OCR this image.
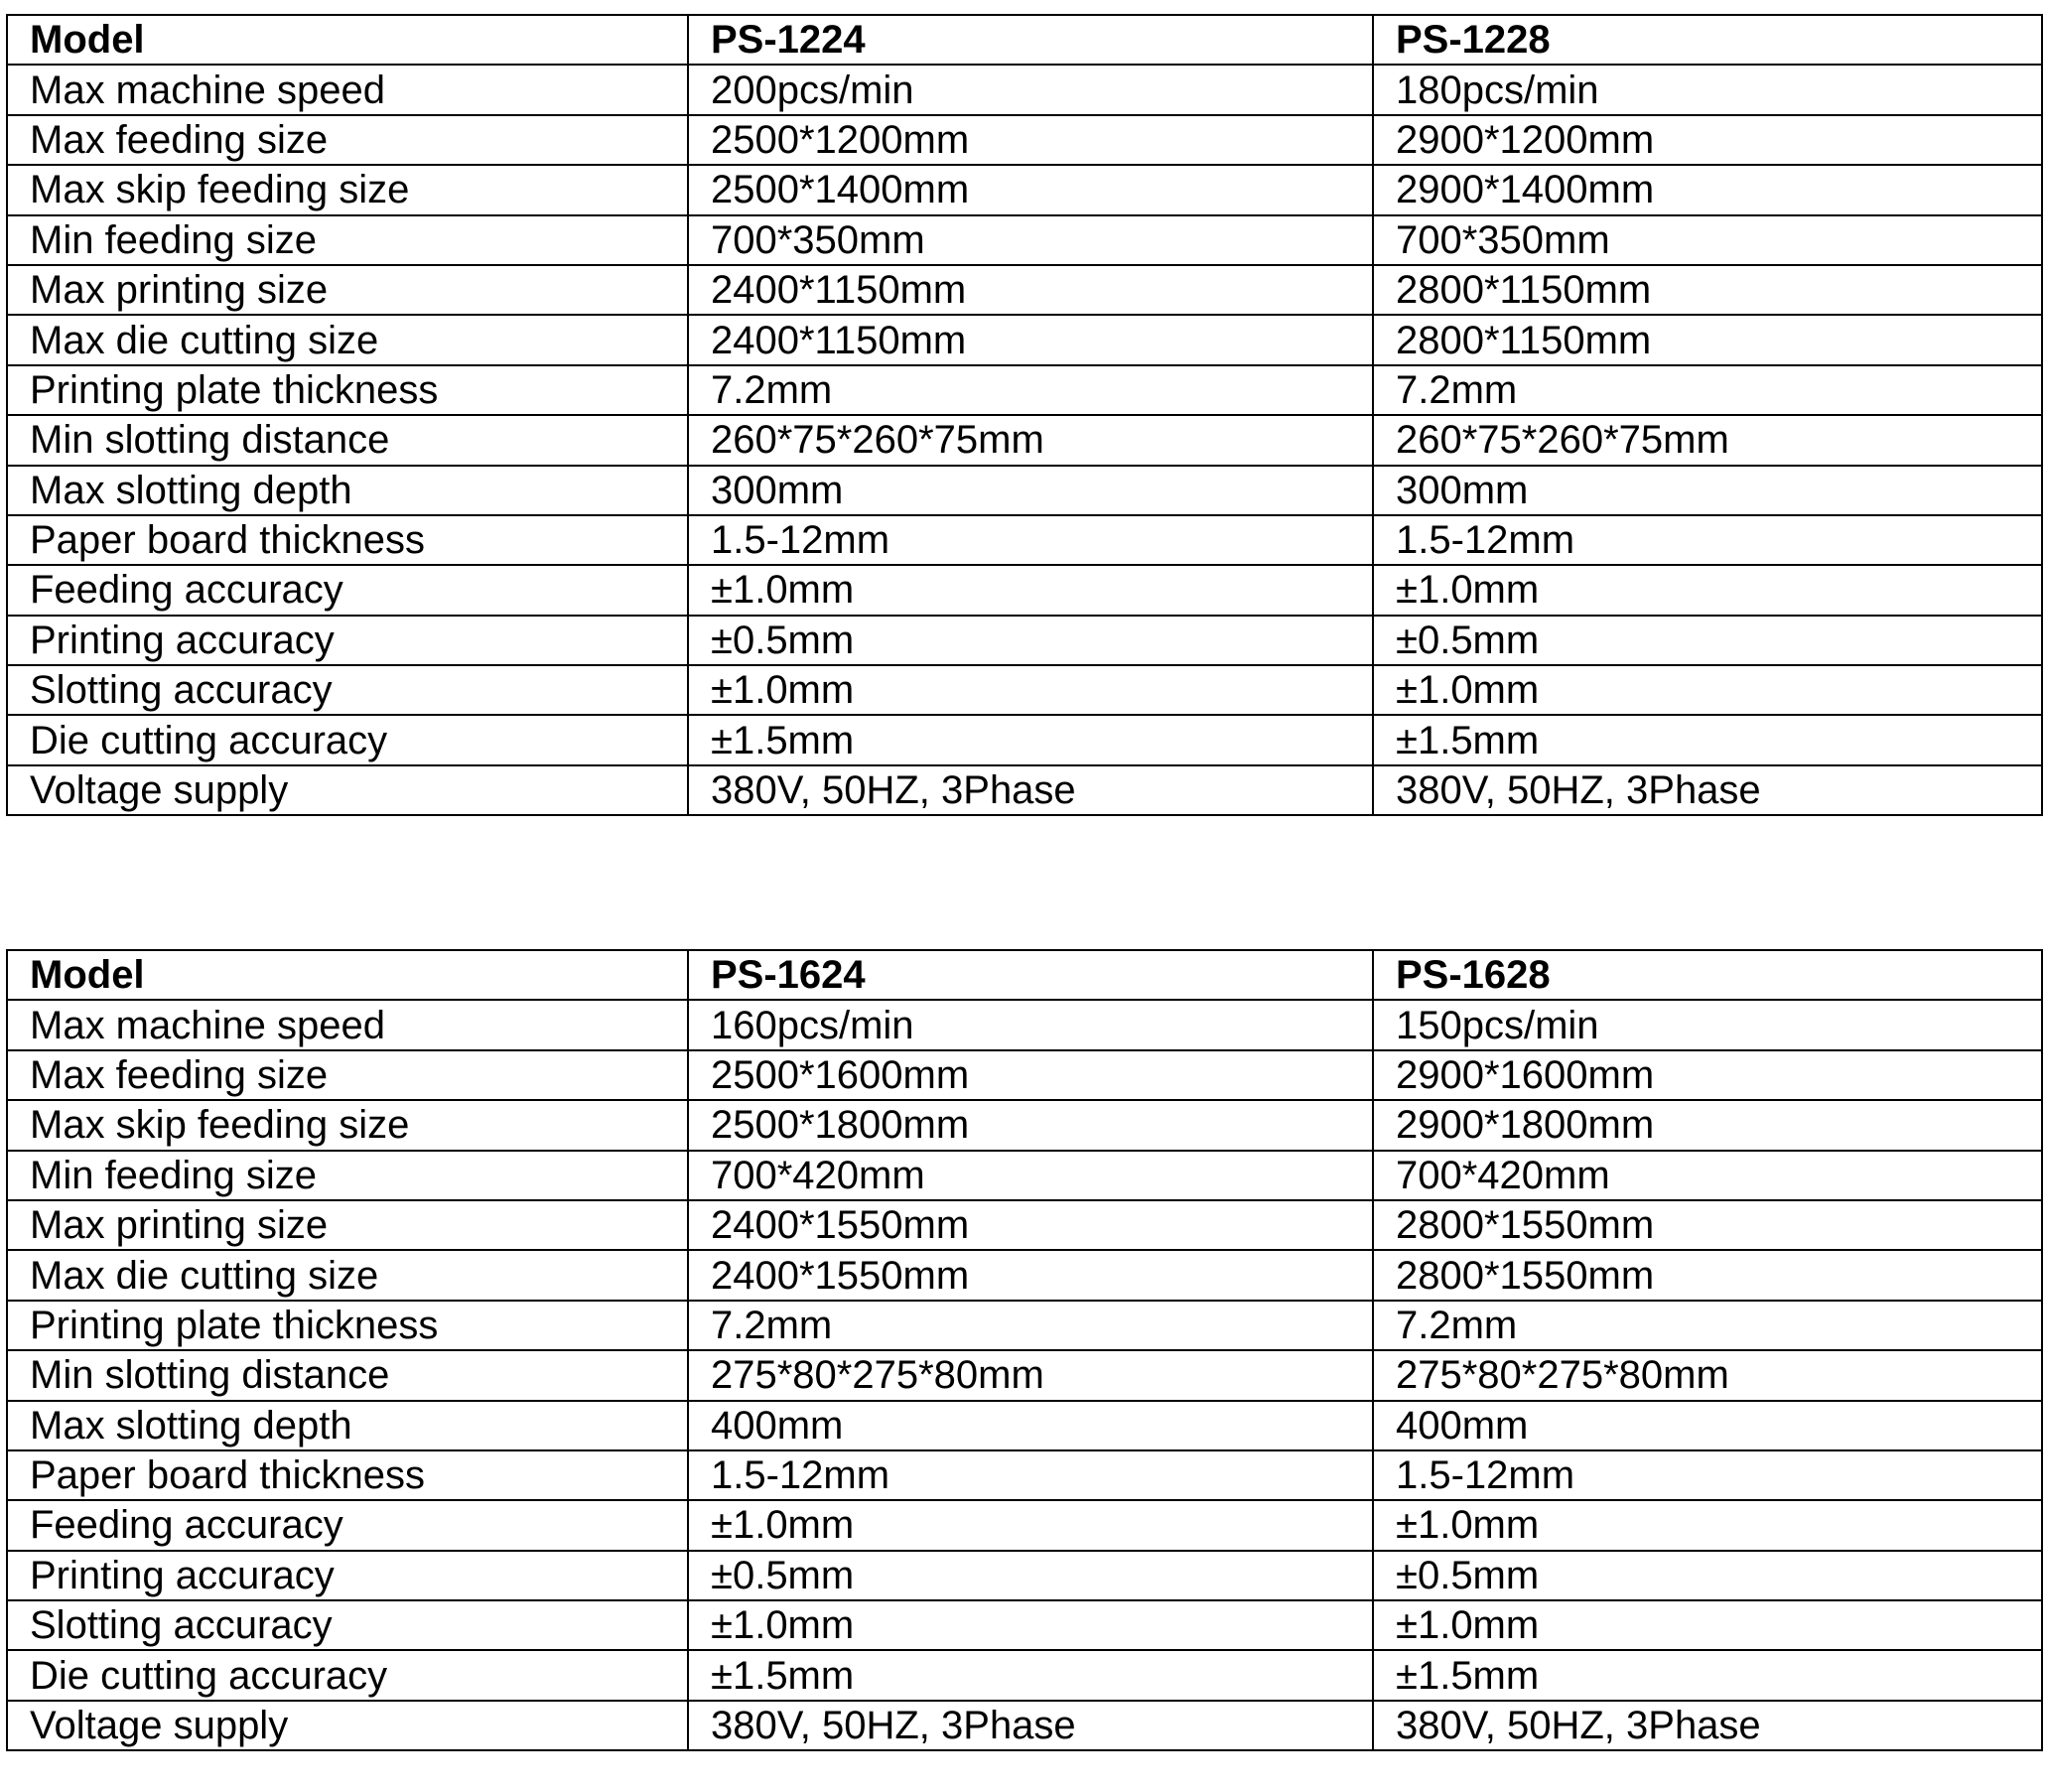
Model	PS-1224	PS-1228
Max machine speed	200pcs/min	180pcs/min
Max feeding size	2500*1200mm	2900*1200mm
Max skip feeding size	2500*1400mm	2900*1400mm
Min feeding size	700*350mm	700*350mm
Max printing size	2400*1150mm	2800*1150mm
Max die cutting size	2400*1150mm	2800*1150mm
Printing plate thickness	7.2mm	7.2mm
Min slotting distance	260*75*260*75mm	260*75*260*75mm
Max slotting depth	300mm	300mm
Paper board thickness	1.5-12mm	1.5-12mm
Feeding accuracy	±1.0mm	±1.0mm
Printing accuracy	±0.5mm	±0.5mm
Slotting accuracy	±1.0mm	±1.0mm
Die cutting accuracy	±1.5mm	±1.5mm
Voltage supply	380V, 50HZ, 3Phase	380V, 50HZ, 3Phase
Model	PS-1624	PS-1628
Max machine speed	160pcs/min	150pcs/min
Max feeding size	2500*1600mm	2900*1600mm
Max skip feeding size	2500*1800mm	2900*1800mm
Min feeding size	700*420mm	700*420mm
Max printing size	2400*1550mm	2800*1550mm
Max die cutting size	2400*1550mm	2800*1550mm
Printing plate thickness	7.2mm	7.2mm
Min slotting distance	275*80*275*80mm	275*80*275*80mm
Max slotting depth	400mm	400mm
Paper board thickness	1.5-12mm	1.5-12mm
Feeding accuracy	±1.0mm	±1.0mm
Printing accuracy	±0.5mm	±0.5mm
Slotting accuracy	±1.0mm	±1.0mm
Die cutting accuracy	±1.5mm	±1.5mm
Voltage supply	380V, 50HZ, 3Phase	380V, 50HZ, 3Phase
